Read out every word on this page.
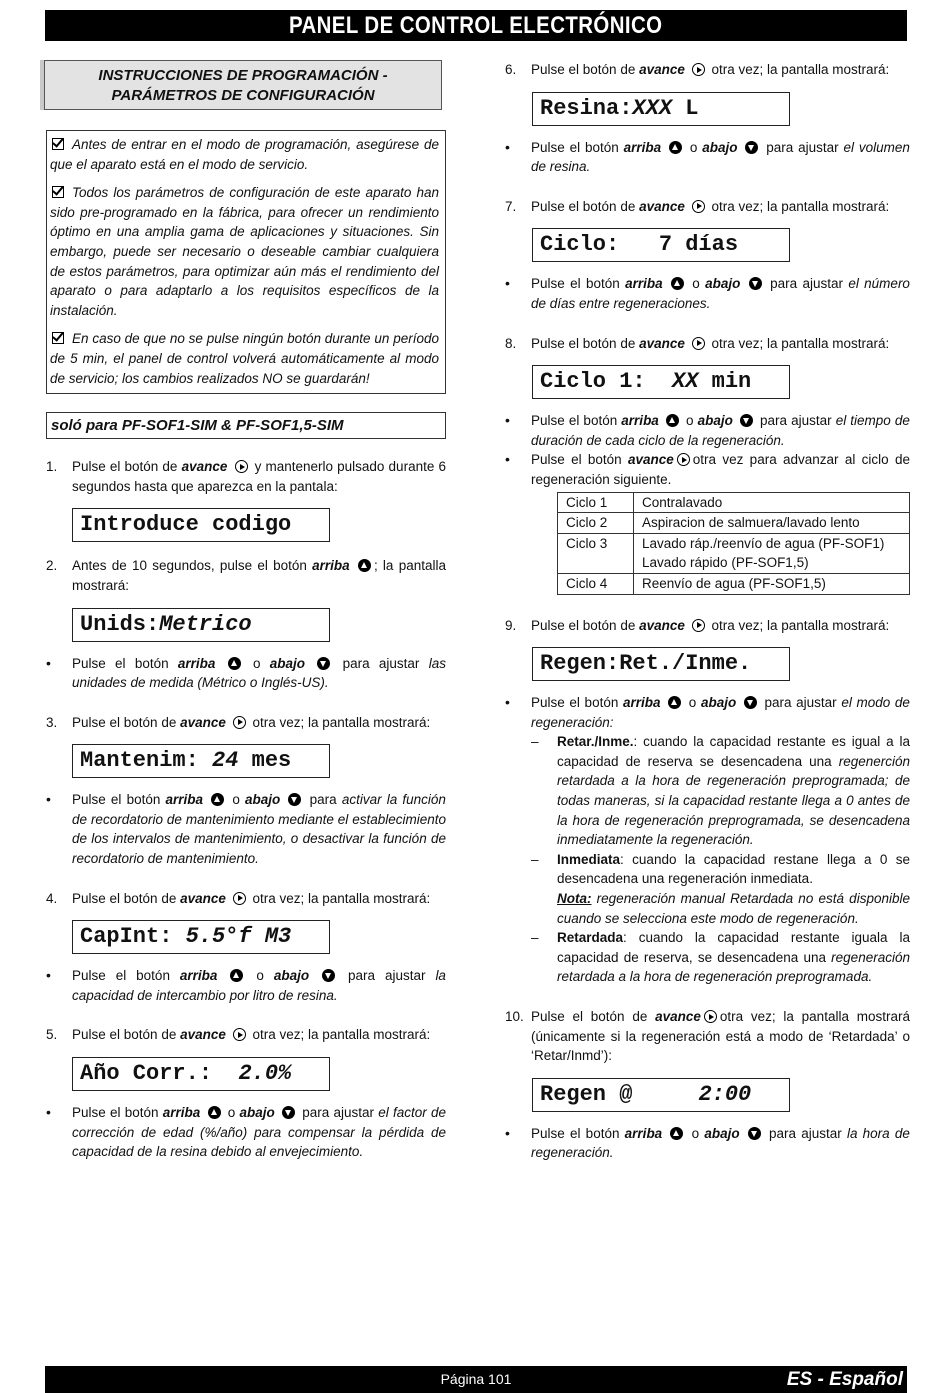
PANEL DE CONTROL ELECTRÓNICO
INSTRUCCIONES DE PROGRAMACIÓN -
PARÁMETROS DE CONFIGURACIÓN

Antes de entrar en el modo de programación, asegúrese de que el aparato está en el modo de servicio.

Todos los parámetros de configuración de este aparato han sido pre-programado en la fábrica, para ofrecer un rendimiento óptimo en una amplia gama de aplicaciones y situaciones. Sin embargo, puede ser necesario o deseable cambiar cualquiera de estos parámetros, para optimizar aún más el rendimiento del aparato o para adaptarlo a los requisitos específicos de la instalación.

En caso de que no se pulse ningún botón durante un período de 5 min, el panel de control volverá automáticamente al modo de servicio; los cambios realizados NO se guardarán!

soló para PF-SOF1-SIM & PF-SOF1,5-SIM
1. Pulse el botón de avance y mantenerlo pulsado durante 6 segundos hasta que aparezca en la pantala:
Introduce codigo
2. Antes de 10 segundos, pulse el botón arriba ; la pantalla mostrará:
Unids:Metrico
• Pulse el botón arriba	o abajo	para ajustar las unidades de medida (Métrico o Inglés-US).
3. Pulse el botón de avance otra vez; la pantalla mostrará:
Mantenim: 24 mes
• Pulse el botón arriba o abajo para activar la función de recordatorio de mantenimiento mediante el establecimiento de los intervalos de mantenimiento, o desactivar la función de recordatorio de mantenimiento.
4. Pulse el botón de avance otra vez; la pantalla mostrará:
CapInt: 5.5°f M3
• Pulse el botón arriba	o abajo	para ajustar la capacidad de intercambio por litro de resina.
5. Pulse el botón de avance otra vez; la pantalla mostrará:
Año Corr.:  2.0%
• Pulse el botón arriba o abajo para ajustar el factor de corrección de edad (%/año) para compensar la pérdida de capacidad de la resina debido al envejecimiento.
6. Pulse el botón de avance otra vez; la pantalla mostrará:
Resina:XXX L
• Pulse el botón arriba o abajo para ajustar el volumen de resina.
7. Pulse el botón de avance otra vez; la pantalla mostrará:
Ciclo:   7 días
• Pulse el botón arriba o abajo para ajustar el número de días entre regeneraciones.
8. Pulse el botón de avance otra vez; la pantalla mostrará:
Ciclo 1:  XX min
• Pulse el botón arriba o abajo para ajustar el tiempo de duración de cada ciclo de la regeneración.
• Pulse el botón avance otra vez para advanzar al ciclo de regeneración siguiente.
Ciclo 1	Contralavado
Ciclo 2	Aspiracion de salmuera/lavado lento
Ciclo 3	Lavado ráp./reenvío de agua (PF-SOF1)
Lavado rápido (PF-SOF1,5)

Ciclo 4	Reenvío de agua (PF-SOF1,5)
9. Pulse el botón de avance otra vez; la pantalla mostrará:
Regen:Ret./Inme.
• Pulse el botón arriba o abajo para ajustar el modo de regeneración:
– Retar./Inme.: cuando la capacidad restante es igual a la capacidad de reserva se desencadena una regenerción retardada a la hora de regeneración preprogramada; de todas maneras, si la capacidad restante llega a 0 antes de la hora de regeneración preprogramada, se desencadena inmediatamente la regeneración.
– Inmediata: cuando la capacidad restane llega a 0 se desencadena una regeneración inmediata.
Nota: regeneración manual Retardada no está disponible cuando se selecciona este modo de regeneración.
– Retardada: cuando la capacidad restante iguala la capacidad de reserva, se desencadena una regeneración retardada a la hora de regeneración preprogramada.
10. Pulse el botón de avance otra vez; la pantalla mostrará (únicamente si la regeneración está a modo de ‘Retardada’ o ‘Retar/Inmd’):
Regen @     2:00
• Pulse el botón arriba o abajo para ajustar la hora de regeneración.
Página 101	ES - Español
